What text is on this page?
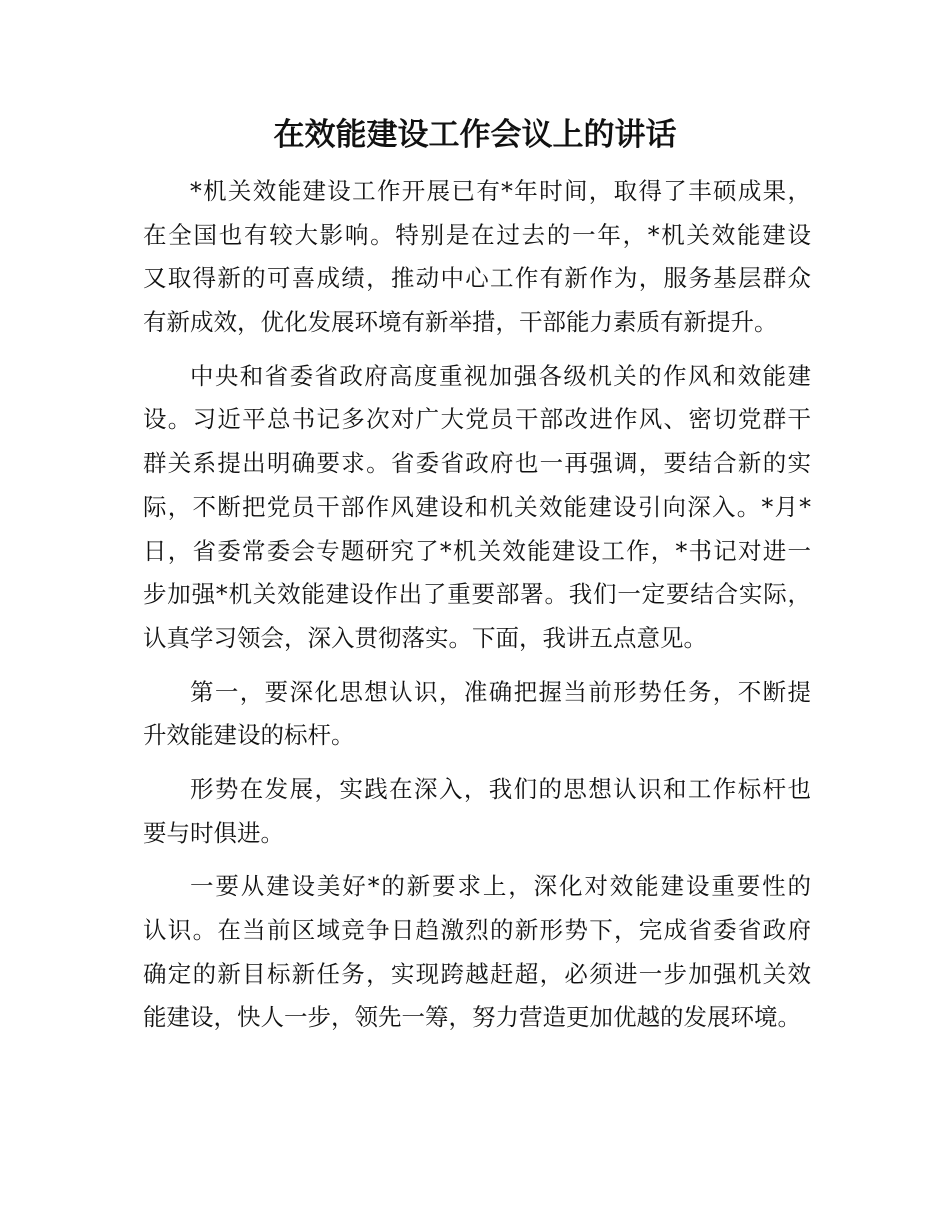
在效能建设工作会议上的讲话
*机关效能建设工作开展已有*年时间，取得了丰硕成果，
在全国也有较大影响。特别是在过去的一年，*机关效能建设
又取得新的可喜成绩，推动中心工作有新作为，服务基层群众
有新成效，优化发展环境有新举措，干部能力素质有新提升。
中央和省委省政府高度重视加强各级机关的作风和效能建
设。习近平总书记多次对广大党员干部改进作风、密切党群干
群关系提出明确要求。省委省政府也一再强调，要结合新的实
际，不断把党员干部作风建设和机关效能建设引向深入。*月*
日，省委常委会专题研究了*机关效能建设工作，*书记对进一
步加强*机关效能建设作出了重要部署。我们一定要结合实际，
认真学习领会，深入贯彻落实。下面，我讲五点意见。
第一，要深化思想认识，准确把握当前形势任务，不断提
升效能建设的标杆。
形势在发展，实践在深入，我们的思想认识和工作标杆也
要与时俱进。
一要从建设美好*的新要求上，深化对效能建设重要性的
认识。在当前区域竞争日趋激烈的新形势下，完成省委省政府
确定的新目标新任务，实现跨越赶超，必须进一步加强机关效
能建设，快人一步，领先一筹，努力营造更加优越的发展环境。
